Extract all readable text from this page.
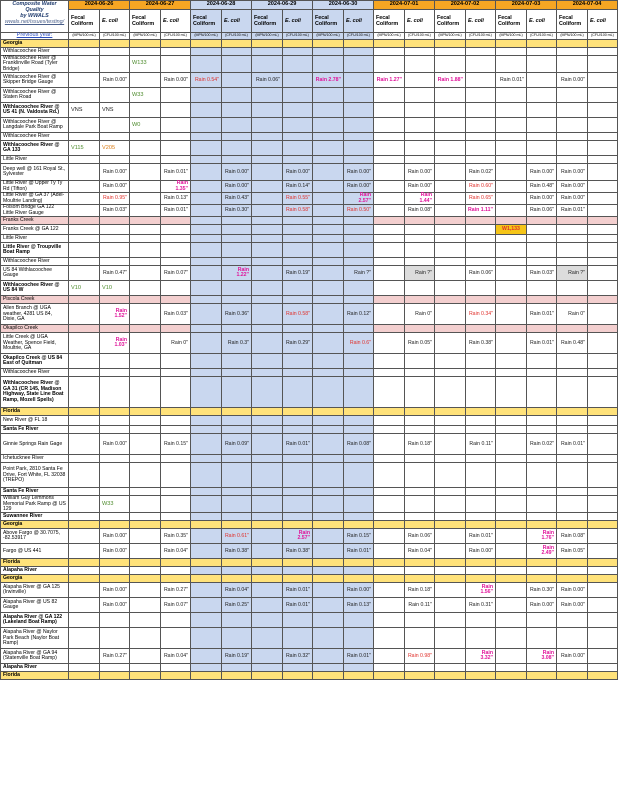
Composite Water
Quality
by WWALS
wwals.net/issues/testing/	2024-06-26		2024-06-27		2024-06-28		2024-06-29		2024-06-30		2024-07-01		2024-07-02		2024-07-03		2024-07-04	
	Fecal Coliform	E. coli	Fecal Coliform	E. coli	Fecal Coliform	E. coli	Fecal Coliform	E. coli	Fecal Coliform	E. coli	Fecal Coliform	E. coli	Fecal Coliform	E. coli	Fecal Coliform	E. coli	Fecal Coliform	E. coli
Previous year:	(MPN/100 mL)	(CFU/100 mL)	(MPN/100 mL)	(CFU/100 mL)	(MPN/100 mL)	(CFU/100 mL)	(MPN/100 mL)	(CFU/100 mL)	(MPN/100 mL)	(CFU/100 mL)	(MPN/100 mL)	(CFU/100 mL)	(MPN/100 mL)	(CFU/100 mL)	(MPN/100 mL)	(CFU/100 mL)	(MPN/100 mL)	(CFU/100 mL)
Georgia																		
Withlacoochee River																		
Withlacoochee River @ Franklinville Road (Tyler Bridge)			W133															
Withlacoochee River @ Skipper Bridge Gauge		Rain 0.00"		Rain 0.00"	Rain 0.54"		Rain 0.06"		Rain 2.78"		Rain 1.27"		Rain 1.88"		Rain 0.01"		Rain 0.00"	
Withlacoochee River @ Staten Road			W33															
Withlacoochee River @ US 41 (N. Valdosta Rd.)	VNS	VNS																
Withlacoochee River @ Langdale Park Boat Ramp			W0															
Withlacoochee River																		
Withlacoochee River @ GA 133	V115	V205																
Little River																		
Deep well @ 161 Royal St., Sylvester		Rain 0.00"		Rain 0.01"		Rain 0.00"		Rain 0.00"		Rain 0.00"		Rain 0.00"		Rain 0.02"		Rain 0.00"	Rain 0.00"	
Little River @ Upper Ty Ty Rd (Tifton)		Rain 0.00"		Rain 1.35"		Rain 0.00"		Rain 0.14"		Rain 0.00"		Rain 0.00"		Rain 0.60"		Rain 0.48"	Rain 0.00"	
Little River @ GA 37 (Adel-Moultrie Landing)		Rain 0.95"		Rain 0.13"		Rain 0.43"		Rain 0.55"		Rain 2.57"		Rain 1.44"		Rain 0.65"		Rain 0.00"	Rain 0.00"	
Folsom Bridge GA 122 Little River Gauge		Rain 0.03"		Rain 0.01"		Rain 0.30"		Rain 0.58"		Rain 0.50"		Rain 0.08"		Rain 1.11"		Rain 0.06"	Rain 0.01"	
Franks Creek																		
Franks Creek @ GA 122															W1,133			
Little River																		
Little River @ Troupville Boat Ramp																		
Withlacoochee River																		
US 84 Withlacoochee Gauge		Rain 0.47"		Rain 0.07"		Rain 1.22"		Rain 0.19"		Rain ?"		Rain ?"		Rain 0.06"		Rain 0.03"	Rain ?"	
Withlacoochee River @ US 84 W	V10	V10																
Piscola Creek																		
Allen Branch @ UGA weather, 4281 US 84, Dixie, GA		Rain 1.52"		Rain 0.03"		Rain 0.36"		Rain 0.58"		Rain 0.12"		Rain 0"		Rain 0.34"		Rain 0.01"	Rain 0"	
Okapilco Creek																		
Little Creek @ UGA Weather, Spence Field, Moultrie, GA		Rain 1.03"		Rain 0"		Rain 0.3"		Rain 0.29"		Rain 0.6"		Rain 0.05"		Rain 0.38"		Rain 0.01"	Rain 0.48"	
Okapilco Creek @ US 84 East of Quitman																		
Withlacoochee River																		
Withlacoochee River @ GA 31 (CR 145, Madison Highway, State Line Boat Ramp, Mozell Spells)																		
Florida																		
New River @ FL 18																		
Santa Fe River																		
Ginnie Springs Rain Gage		Rain 0.00"		Rain 0.15"		Rain 0.09"		Rain 0.01"		Rain 0.08"		Rain 0.18"		Rain 0.11"		Rain 0.02"	Rain 0.01"	
Ichetucknee River																		
Point Park, 2810 Santa Fe Drive, Fort White, FL 32038 (TREPO)																		
Santa Fe River																		
William Guy Lemmons Memorial Park Ramp @ US 129		W33																
Suwannee River																		
Georgia																		
Above Fargo @ 30.7075, -82.53917		Rain 0.00"		Rain 0.35"		Rain 0.61"		Rain 2.57"		Rain 0.15"		Rain 0.06"		Rain 0.01"		Rain 1.76"	Rain 0.08"	
Fargo @ US 441		Rain 0.00"		Rain 0.04"		Rain 0.38"		Rain 0.38"		Rain 0.01"		Rain 0.04"		Rain 0.00"		Rain 2.49"	Rain 0.05"	
Florida																		
Alapaha River																		
Georgia																		
Alapaha River @ GA 125 (Irwinville)		Rain 0.00"		Rain 0.27"		Rain 0.04"		Rain 0.01"		Rain 0.00"		Rain 0.18"		Rain 1.56"		Rain 0.30"	Rain 0.00"	
Alapaha River @ US 82 Gauge		Rain 0.00"		Rain 0.07"		Rain 0.25"		Rain 0.01"		Rain 0.13"		Rain 0.11"		Rain 0.31"		Rain 0.00"	Rain 0.00"	
Alapaha River @ GA 122 (Lakeland Boat Ramp)																		
Alapaha River @ Naylor Park Beach (Naylor Boat Ramp)																		
Alapaha River @ GA 94 (Statenville Boat Ramp)		Rain 0.27"		Rain 0.04"		Rain 0.19"		Rain 0.32"		Rain 0.01"		Rain 0.98"		Rain 3.32"		Rain 3.08"	Rain 0.00"	
Alapaha River																		
Florida																		
